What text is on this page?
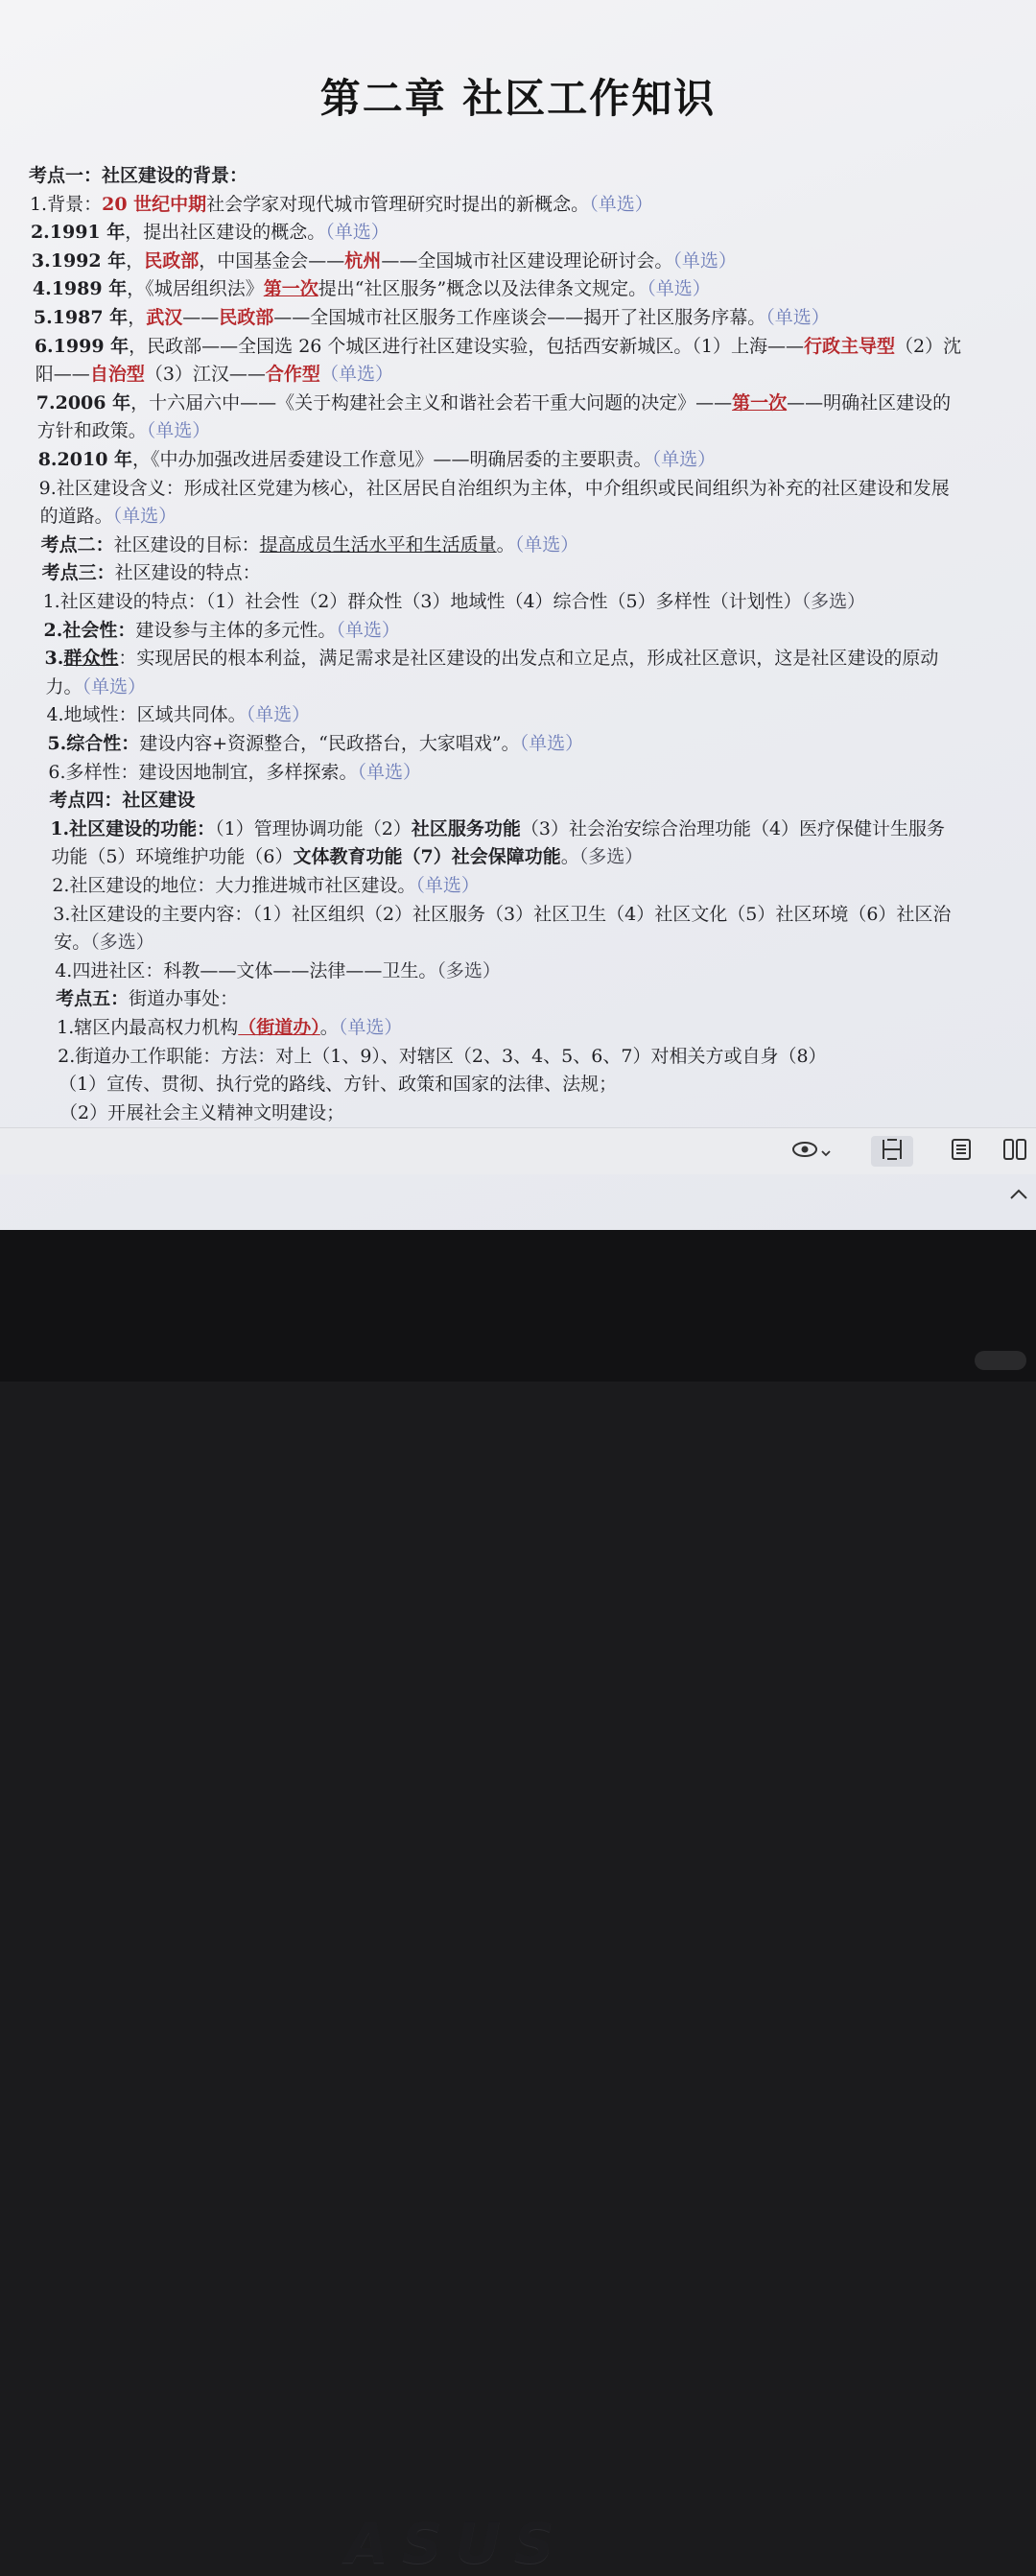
第二章 社区工作知识
考点一：社区建设的背景：
1.背景：20 世纪中期社会学家对现代城市管理研究时提出的新概念。（单选）
2.1991 年，提出社区建设的概念。（单选）
3.1992 年，民政部，中国基金会——杭州——全国城市社区建设理论研讨会。（单选）
4.1989 年，《城居组织法》第一次提出“社区服务”概念以及法律条文规定。（单选）
5.1987 年，武汉——民政部——全国城市社区服务工作座谈会——揭开了社区服务序幕。（单选）
6.1999 年，民政部——全国选 26 个城区进行社区建设实验，包括西安新城区。（1）上海——行政主导型（2）沈
阳——自治型（3）江汉——合作型（单选）
7.2006 年，十六届六中——《关于构建社会主义和谐社会若干重大问题的决定》——第一次——明确社区建设的
方针和政策。（单选）
8.2010 年，《中办加强改进居委建设工作意见》——明确居委的主要职责。（单选）
9.社区建设含义：形成社区党建为核心，社区居民自治组织为主体，中介组织或民间组织为补充的社区建设和发展
的道路。（单选）
考点二：社区建设的目标：提高成员生活水平和生活质量。（单选）
考点三：社区建设的特点：
1.社区建设的特点：（1）社会性（2）群众性（3）地域性（4）综合性（5）多样性（计划性）（多选）
2.社会性：建设参与主体的多元性。（单选）
3.群众性：实现居民的根本利益，满足需求是社区建设的出发点和立足点，形成社区意识，这是社区建设的原动
力。（单选）
4.地域性：区域共同体。（单选）
5.综合性：建设内容+资源整合，“民政搭台，大家唱戏”。（单选）
6.多样性：建设因地制宜，多样探索。（单选）
考点四：社区建设
1.社区建设的功能：（1）管理协调功能（2）社区服务功能（3）社会治安综合治理功能（4）医疗保健计生服务
功能（5）环境维护功能（6）文体教育功能（7）社会保障功能。（多选）
2.社区建设的地位：大力推进城市社区建设。（单选）
3.社区建设的主要内容：（1）社区组织（2）社区服务（3）社区卫生（4）社区文化（5）社区环境（6）社区治
安。（多选）
4.四进社区：科教——文体——法律——卫生。（多选）
考点五：街道办事处：
1.辖区内最高权力机构（街道办）。（单选）
2.街道办工作职能：方法：对上（1、9）、对辖区（2、3、4、5、6、7）对相关方或自身（8）
（1）宣传、贯彻、执行党的路线、方针、政策和国家的法律、法规；
（2）开展社会主义精神文明建设；
ASUS
